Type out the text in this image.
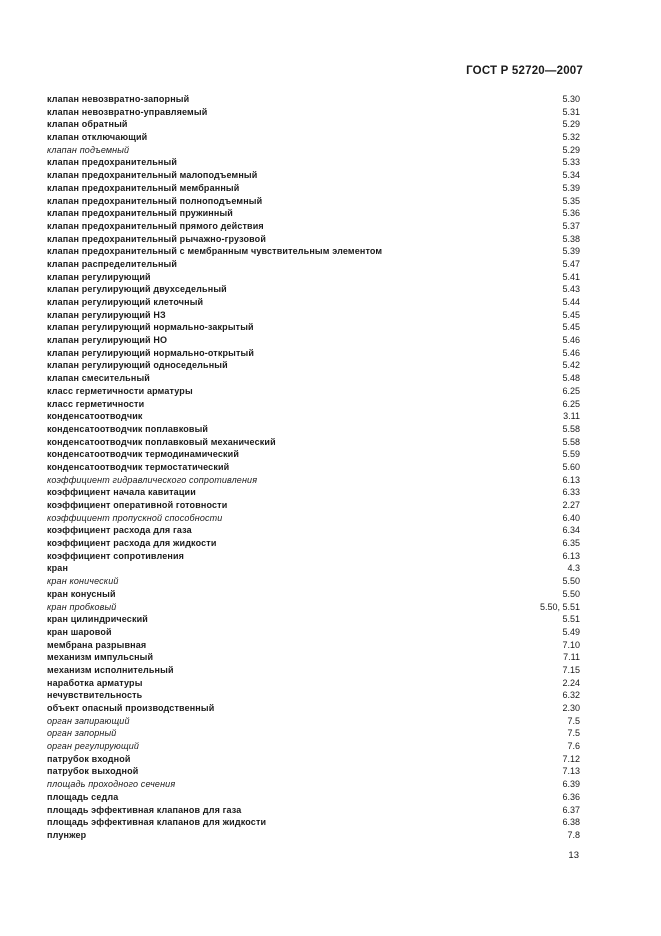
ГОСТ Р 52720—2007
клапан невозвратно-запорный	5.30
клапан невозвратно-управляемый	5.31
клапан обратный	5.29
клапан отключающий	5.32
клапан подъемный	5.29
клапан предохранительный	5.33
клапан предохранительный малоподъемный	5.34
клапан предохранительный мембранный	5.39
клапан предохранительный полноподъемный	5.35
клапан предохранительный пружинный	5.36
клапан предохранительный прямого действия	5.37
клапан предохранительный рычажно-грузовой	5.38
клапан предохранительный с мембранным чувствительным элементом	5.39
клапан распределительный	5.47
клапан регулирующий	5.41
клапан регулирующий двухседельный	5.43
клапан регулирующий клеточный	5.44
клапан регулирующий НЗ	5.45
клапан регулирующий нормально-закрытый	5.45
клапан регулирующий НО	5.46
клапан регулирующий нормально-открытый	5.46
клапан регулирующий односедельный	5.42
клапан смесительный	5.48
класс герметичности арматуры	6.25
класс герметичности	6.25
конденсатоотводчик	3.11
конденсатоотводчик поплавковый	5.58
конденсатоотводчик поплавковый механический	5.58
конденсатоотводчик термодинамический	5.59
конденсатоотводчик термостатический	5.60
коэффициент гидравлического сопротивления	6.13
коэффициент начала кавитации	6.33
коэффициент оперативной готовности	2.27
коэффициент пропускной способности	6.40
коэффициент расхода для газа	6.34
коэффициент расхода для жидкости	6.35
коэффициент сопротивления	6.13
кран	4.3
кран конический	5.50
кран конусный	5.50
кран пробковый	5.50, 5.51
кран цилиндрический	5.51
кран шаровой	5.49
мембрана разрывная	7.10
механизм импульсный	7.11
механизм исполнительный	7.15
наработка арматуры	2.24
нечувствительность	6.32
объект опасный производственный	2.30
орган запирающий	7.5
орган запорный	7.5
орган регулирующий	7.6
патрубок входной	7.12
патрубок выходной	7.13
площадь проходного сечения	6.39
площадь седла	6.36
площадь эффективная клапанов для газа	6.37
площадь эффективная клапанов для жидкости	6.38
плунжер	7.8
13
